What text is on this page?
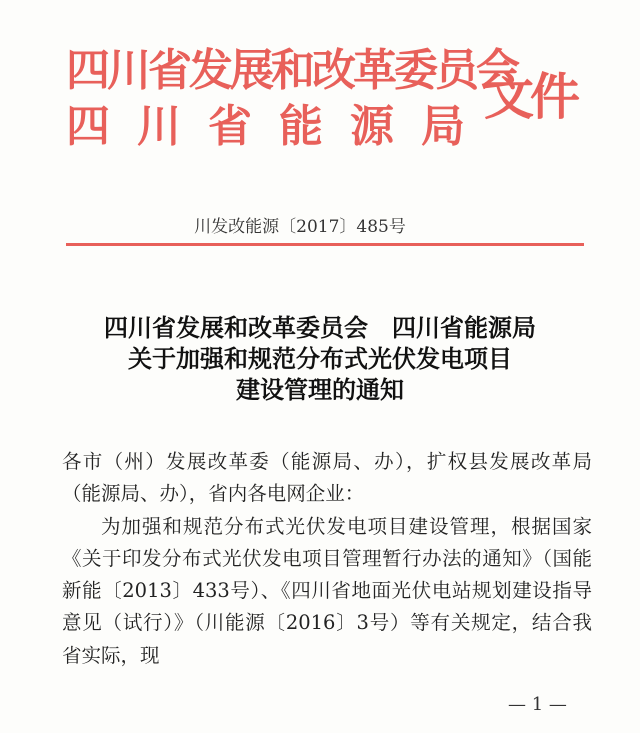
四川省发展和改革委员会
四川省能源局
文件
川发改能源〔2017〕485号
四川省发展和改革委员会　四川省能源局
关于加强和规范分布式光伏发电项目
建设管理的通知

各市（州）发展改革委（能源局、办），扩权县发展改革局（能源局、办），省内各电网企业：

为加强和规范分布式光伏发电项目建设管理，根据国家《关于印发分布式光伏发电项目管理暂行办法的通知》（国能新能〔2013〕433号）、《四川省地面光伏电站规划建设指导意见（试行）》（川能源〔2016〕3号）等有关规定，结合我省实际，现

— 1 —
